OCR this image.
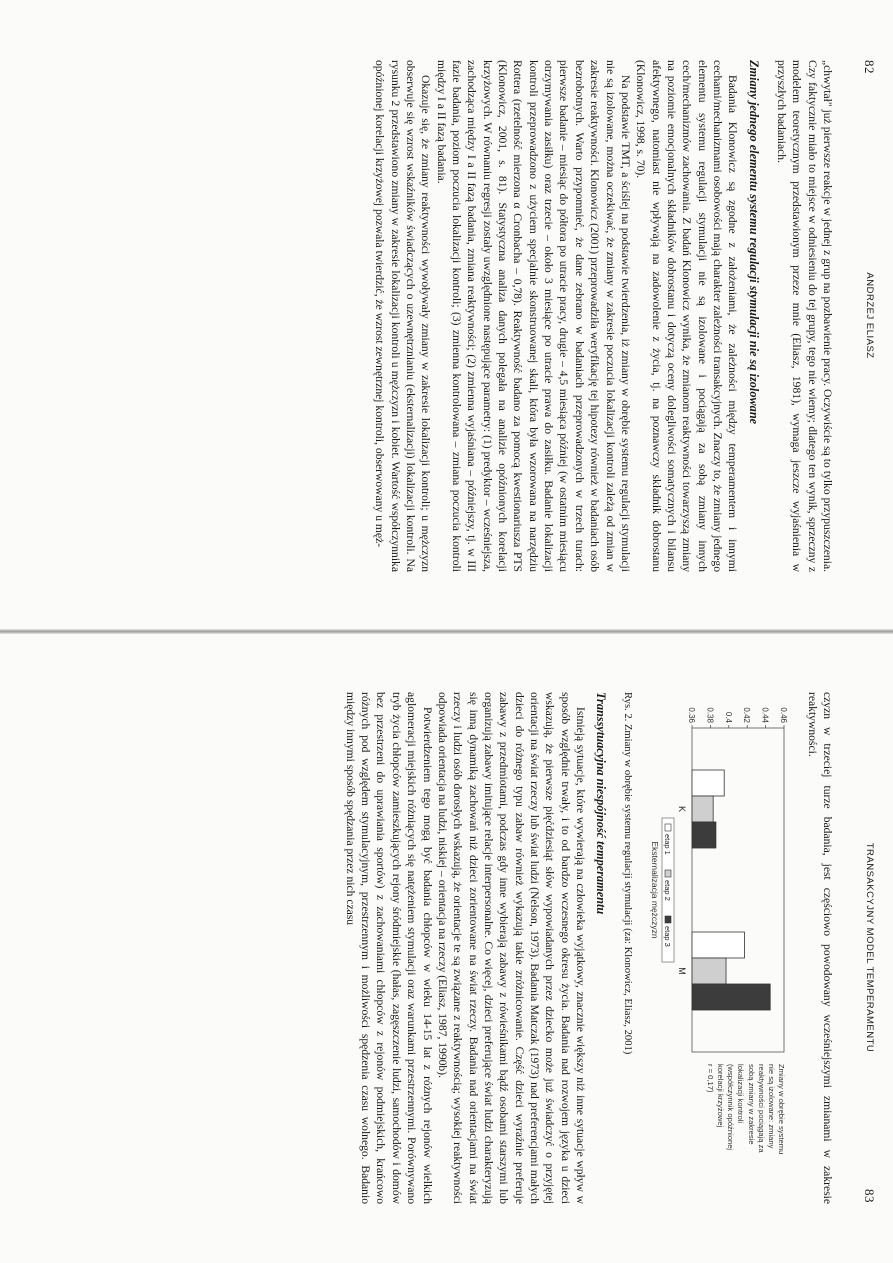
82
ANDRZEJ ELIASZ

„chwytał" już pierwsze reakcje w jednej z grup na pozbawienie pracy. Oczywiście są to tylko przypuszczenia. Czy faktycznie miało to miejsce w odniesieniu do tej grupy, tego nie wiemy; dlatego ten wynik, sprzeczny z modelem teoretycznym przedstawionym przeze mnie (Eliasz, 1981), wymaga jeszcze wyjaśnienia w przyszłych badaniach.

Zmiany jednego elementu systemu regulacji stymulacji nie są izolowane

Badania Klonowicz są zgodne z założeniami, że zależności między temperamentem i innymi cechami/mechanizmami osobowości mają charakter zależności transakcyjnych. Znaczy to, że zmiany jednego elementu systemu regulacji stymulacji nie są izolowane i pociągają za sobą zmiany innych cech/mechanizmów zachowania. Z badań Klonowicz wynika, że zmianom reaktywności towarzyszą zmiany na poziomie emocjonalnych składników dobrostanu i dotyczą oceny dolegliwości somatycznych i bilansu afektywnego, natomiast nie wpływają na zadowolenie z życia, tj. na poznawczy składnik dobrostanu (Klonowicz, 1998, s. 70).

Na podstawie TMT, a ściślej na podstawie twierdzenia, iż zmiany w obrębie systemu regulacji stymulacji nie są izolowane, można oczekiwać, że zmiany w zakresie poczucia lokalizacji kontroli zależą od zmian w zakresie reaktywności. Klonowicz (2001) przeprowadziła weryfikację tej hipotezy również w badaniach osób bezrobotnych. Warto przypomnieć, że dane zebrano w badaniach przeprowadzonych w trzech turach: pierwsze badanie – miesiąc do półtora po utracie pracy, drugie – 4,5 miesiąca później (w ostatnim miesiącu otrzymywania zasiłku) oraz trzecie – około 3 miesiące po utracie prawa do zasiłku. Badanie lokalizacji kontroli przeprowadzono z użyciem specjalnie skonstruowanej skali, która była wzorowana na narzędziu Rottera (rzetelność mierzona α Cronbacha – 0,78). Reaktywność badano za pomocą kwestionariusza PTS (Klonowicz, 2001, s. 81). Statystyczna analiza danych polegała na analizie opóźnionych korelacji krzyżowych. W równaniu regresji zostały uwzględnione następujące parametry: (1) predyktor – wcześniejsza, zachodząca między I a II fazą badania, zmiana reaktywności; (2) zmienna wyjaśniana – późniejszy, tj. w III fazie badania, poziom poczucia lokalizacji kontroli; (3) zmienna kontrolowana – zmiana poczucia kontroli między I a II fazą badania.

Okazuje się, że zmiany reaktywności wywoływały zmiany w zakresie lokalizacji kontroli; u mężczyzn obserwuje się wzrost wskaźników świadczących o uzewnętrznianiu (eksternalizacji) lokalizacji kontroli. Na rysunku 2 przedstawiono zmiany w zakresie lokalizacji kontroli u mężczyzn i kobiet. Wartość współczynnika opóźnionej korelacji krzyżowej pozwala twierdzić, że wzrost zewnętrznej kontroli, obserwowany u męż-

TRANSAKCYJNY MODEL TEMPERAMENTU
83

czyzn w trzeciej turze badania, jest częściowo powodowany wcześniejszymi zmianami w zakresie reaktywności.

0.36 0.38 0.4 0.42 0.44 0.46
K
M
Eksternalizacja mężczyzn etap 1
etap 2
etap 3
Zmiany w obrębie systemu
nie są izolowane: zmiany
reaktywności pociągają za
sobą zmiany w zakresie
lokalizacji kontroli
(współczynnik opóźnionej
korelacji krzyżowej
r = 0,17)
Rys. 2. Zmiany w obrębie systemu regulacji stymulacji (za: Klonowicz, Eliasz, 2001)
Transsytuacyjna niespójność temperamentu

Istnieją sytuacje, które wywierają na człowieka wyjątkowy, znacznie większy niż inne sytuacje wpływ w sposób względnie trwały, i to od bardzo wczesnego okresu życia. Badania nad rozwojem języka u dzieci wskazują, że pierwsze pięćdziesiąt słów wypowiadanych przez dziecko może już świadczyć o przyjętej orientacji na świat rzeczy lub świat ludzi (Nelson, 1973). Badania Matczak (1973) nad preferencjami małych dzieci do różnego typu zabaw również wykazują takie zróżnicowanie. Część dzieci wyraźnie preferuje zabawy z przedmiotami, podczas gdy inne wybierają zabawy z rówieśnikami bądź osobami starszymi lub organizują zabawy imitujące relacje interpersonalne. Co więcej, dzieci preferujące świat ludzi charakteryzują się inną dynamiką zachowań niż dzieci zorientowane na świat rzeczy. Badania nad orientacjami na świat rzeczy i ludzi osób dorosłych wskazują, że orientacje te są związane z reaktywnością; wysokiej reaktywności odpowiada orientacja na ludzi, niskiej – orientacja na rzeczy (Eliasz, 1987, 1990b).

Potwierdzeniem tego mogą być badania chłopców w wieku 14-15 lat z różnych rejonów wielkich aglomeracji miejskich różniących się natężeniem stymulacji oraz warunkami przestrzennymi. Porównywano tryb życia chłopców zamieszkujących rejony śródmiejskie (hałas, zagęszczenie ludzi, samochodów i domów bez przestrzeni do uprawiania sportów) z zachowaniami chłopców z rejonów podmiejskich, krańcowo różnych pod względem stymulacyjnym, przestrzennym i możliwości spędzenia czasu wolnego. Badanio między innymi sposób spędzania przez nich czasu
